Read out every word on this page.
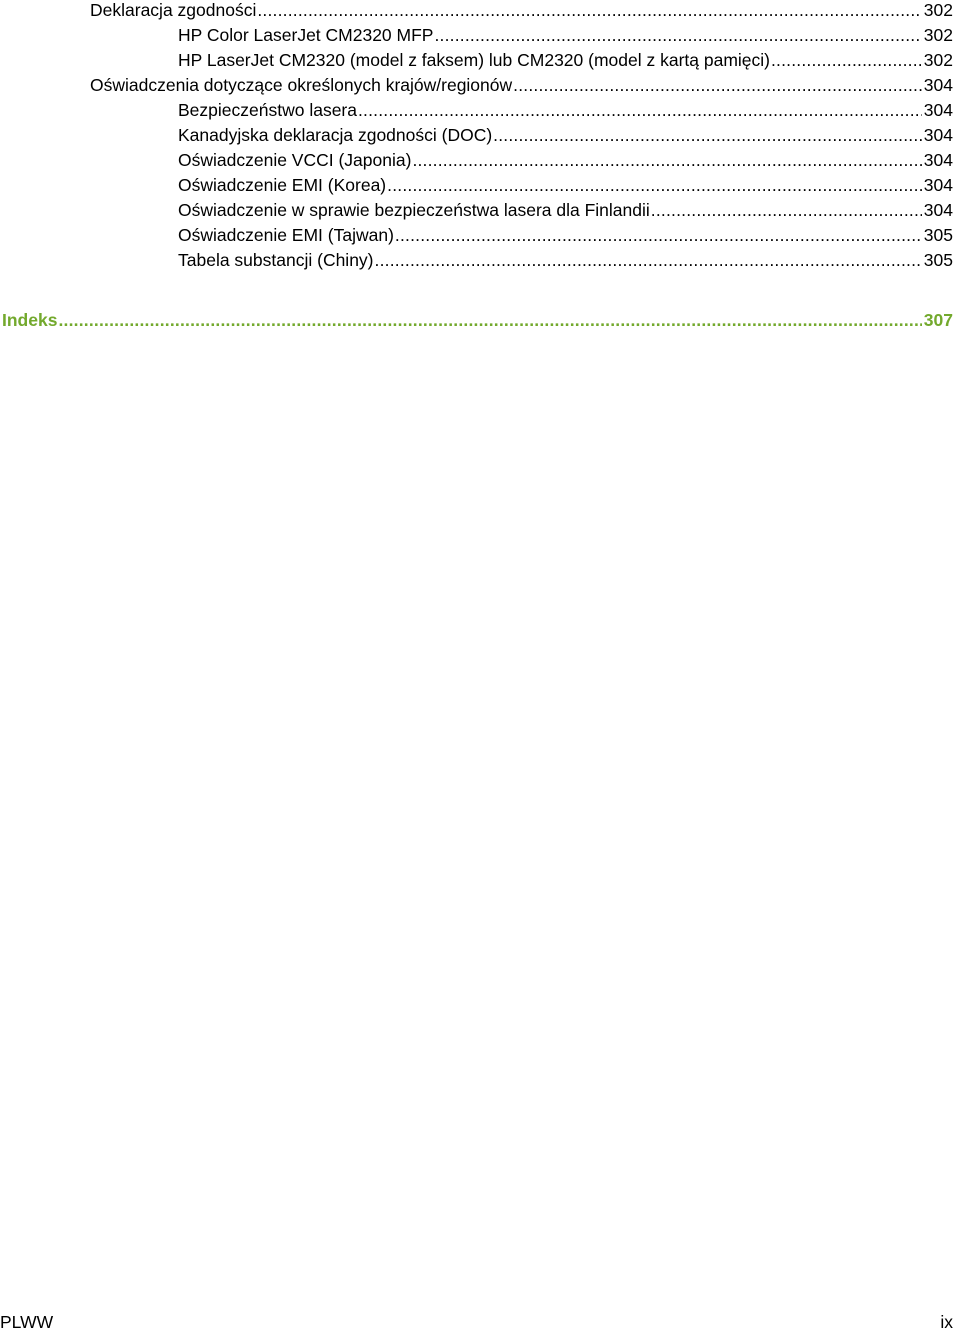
Deklaracja zgodności .....	302
HP Color LaserJet CM2320 MFP .....	302
HP LaserJet CM2320 (model z faksem) lub CM2320 (model z kartą pamięci) .....	302
Oświadczenia dotyczące określonych krajów/regionów .....	304
Bezpieczeństwo lasera .....	304
Kanadyjska deklaracja zgodności (DOC) .....	304
Oświadczenie VCCI (Japonia) .....	304
Oświadczenie EMI (Korea) .....	304
Oświadczenie w sprawie bezpieczeństwa lasera dla Finlandii .....	304
Oświadczenie EMI (Tajwan) .....	305
Tabela substancji (Chiny) .....	305
Indeks .....	307
PLWW	ix
